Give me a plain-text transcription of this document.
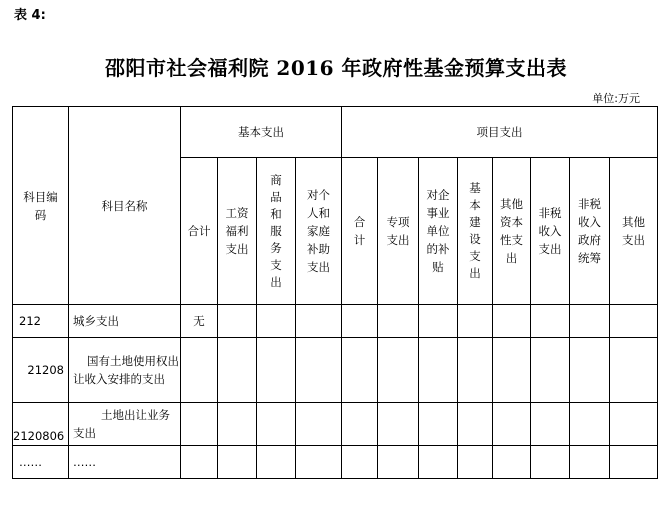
表 4:
邵阳市社会福利院 2016 年政府性基金预算支出表
单位:万元
科目编码	科目名称	基本支出				项目支出							
		合计	工资福利支出	商品和服务支出	对个人和家庭补助支出	合计	专项支出	对企事业单位的补贴	基本建设支出	其他资本性支出	非税收入支出	非税收入政府统筹	其他支出
212	城乡支出	无											
21208	国有土地使用权出让收入安排的支出												

2120806	土地出让业务支出												

……	……												
